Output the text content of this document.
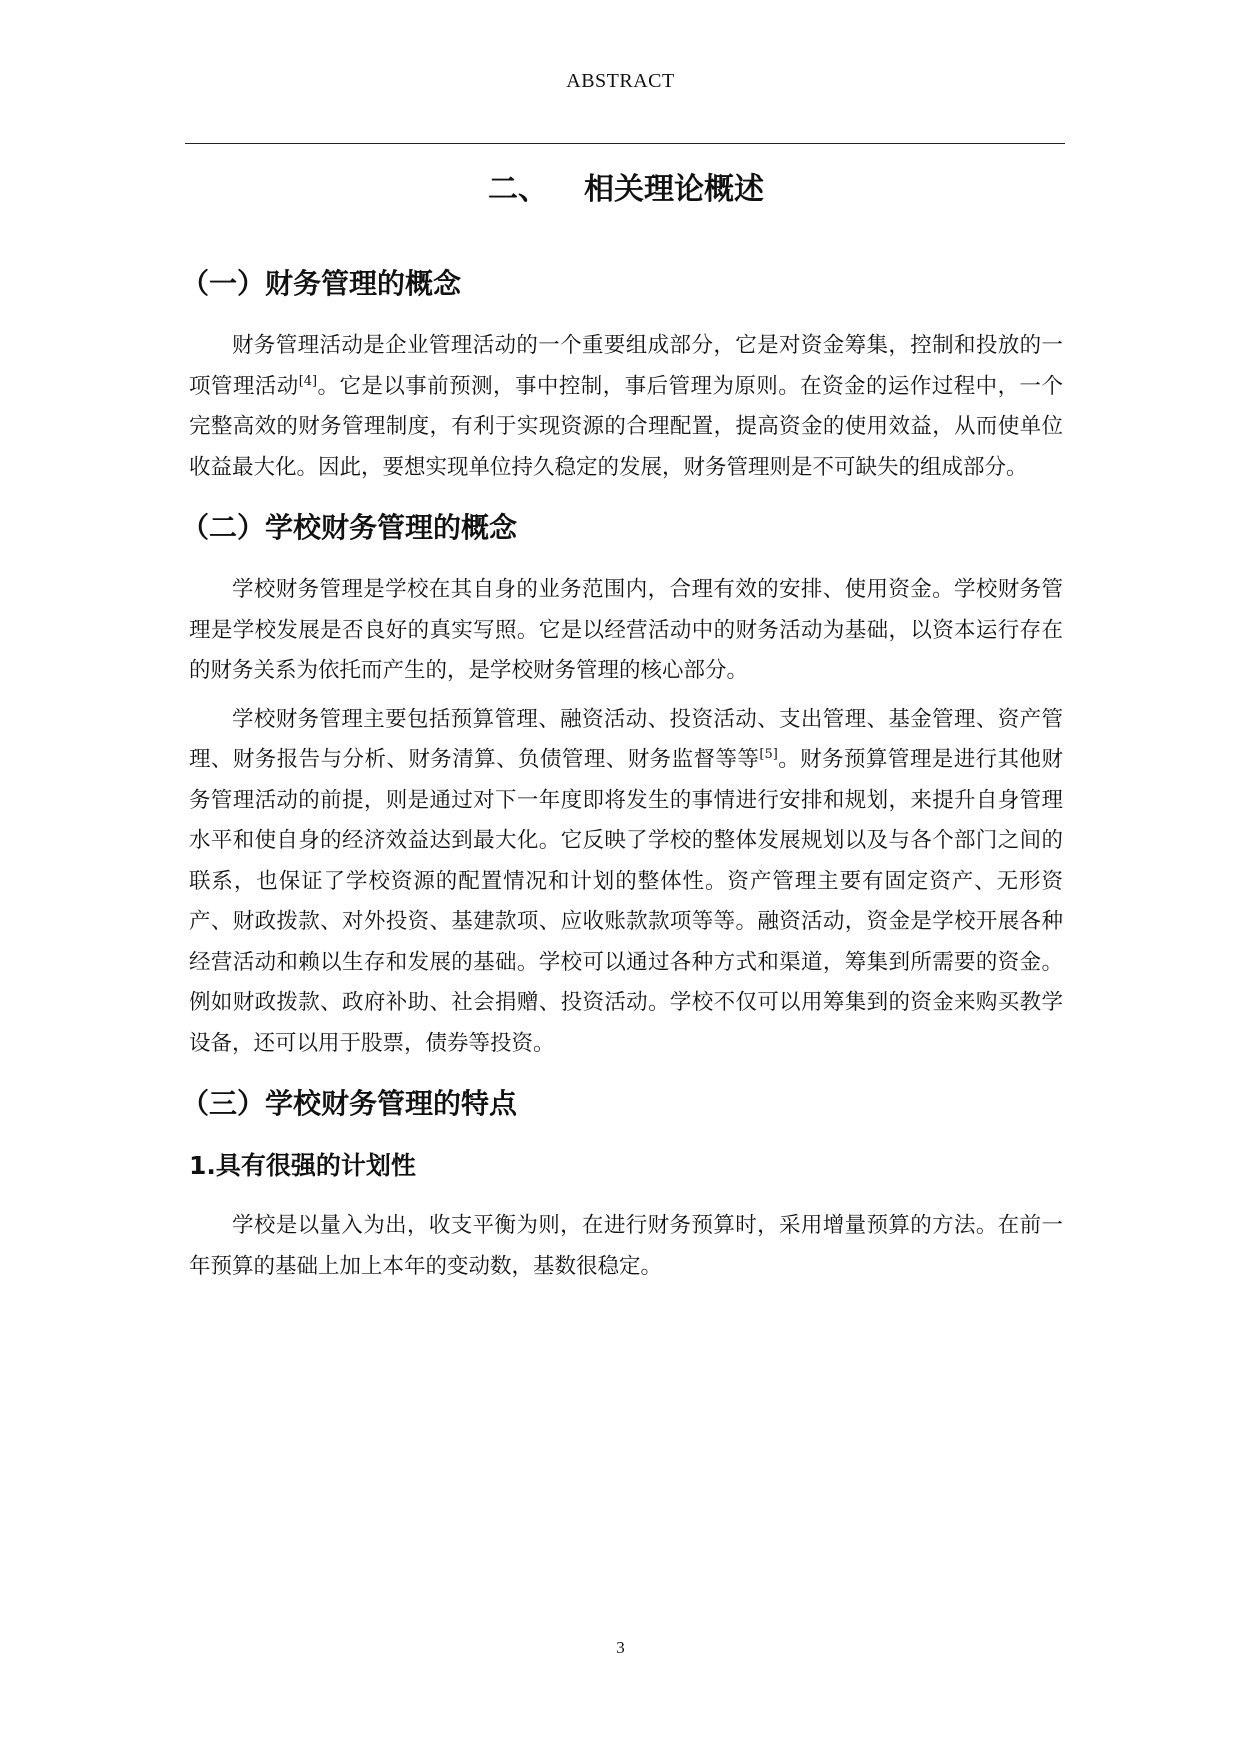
ABSTRACT
二、 相关理论概述
（一）财务管理的概念

财务管理活动是企业管理活动的一个重要组成部分，它是对资金筹集，控制和投放的一项管理活动[4]。它是以事前预测，事中控制，事后管理为原则。在资金的运作过程中，一个完整高效的财务管理制度，有利于实现资源的合理配置，提高资金的使用效益，从而使单位收益最大化。因此，要想实现单位持久稳定的发展，财务管理则是不可缺失的组成部分。

（二）学校财务管理的概念

学校财务管理是学校在其自身的业务范围内，合理有效的安排、使用资金。学校财务管理是学校发展是否良好的真实写照。它是以经营活动中的财务活动为基础，以资本运行存在的财务关系为依托而产生的，是学校财务管理的核心部分。

学校财务管理主要包括预算管理、融资活动、投资活动、支出管理、基金管理、资产管理、财务报告与分析、财务清算、负债管理、财务监督等等[5]。财务预算管理是进行其他财务管理活动的前提，则是通过对下一年度即将发生的事情进行安排和规划，来提升自身管理水平和使自身的经济效益达到最大化。它反映了学校的整体发展规划以及与各个部门之间的联系，也保证了学校资源的配置情况和计划的整体性。资产管理主要有固定资产、无形资产、财政拨款、对外投资、基建款项、应收账款款项等等。融资活动，资金是学校开展各种经营活动和赖以生存和发展的基础。学校可以通过各种方式和渠道，筹集到所需要的资金。例如财政拨款、政府补助、社会捐赠、投资活动。学校不仅可以用筹集到的资金来购买教学设备，还可以用于股票，债券等投资。

（三）学校财务管理的特点
1.具有很强的计划性

学校是以量入为出，收支平衡为则，在进行财务预算时，采用增量预算的方法。在前一年预算的基础上加上本年的变动数，基数很稳定。

3
